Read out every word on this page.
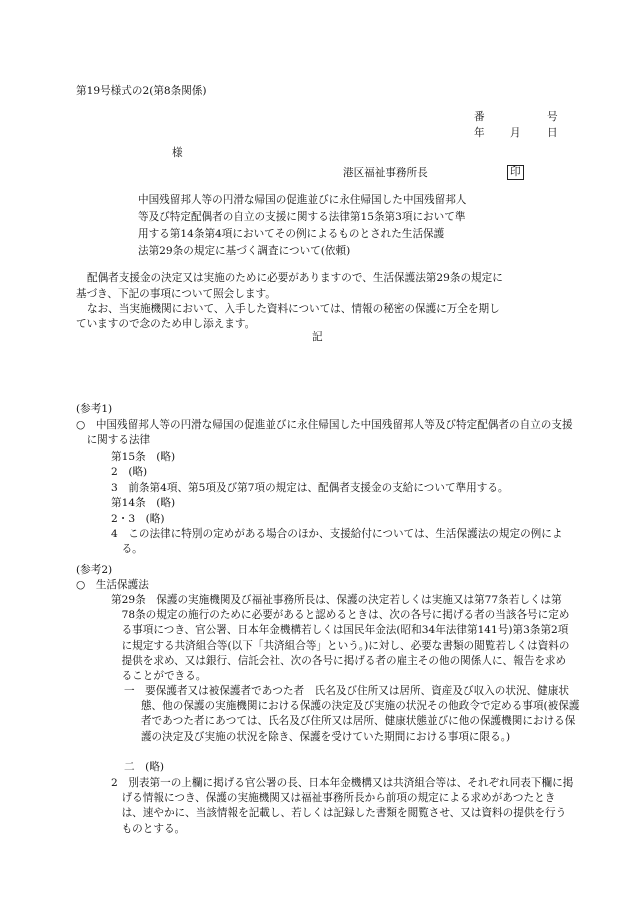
第19号様式の2(第8条関係)
番	号
年 月 日
様
港区福祉事務所長	印
中国残留邦人等の円滑な帰国の促進並びに永住帰国した中国残留邦人
等及び特定配偶者の自立の支援に関する法律第15条第3項において準
用する第14条第4項においてその例によるものとされた生活保護
法第29条の規定に基づく調査について(依頼)
配偶者支援金の決定又は実施のために必要がありますので、生活保護法第29条の規定に
基づき、下記の事項について照会します。
なお、当実施機関において、入手した資料については、情報の秘密の保護に万全を期し
ていますので念のため申し添えます。
記
(参考1)
○　中国残留邦人等の円滑な帰国の促進並びに永住帰国した中国残留邦人等及び特定配偶者の自立の支援に関する法律
第15条　(略)
2　(略)
3　前条第4項、第5項及び第7項の規定は、配偶者支援金の支給について準用する。
第14条　(略)
2・3　(略)
4　この法律に特別の定めがある場合のほか、支援給付については、生活保護法の規定の例による。
(参考2)
○　生活保護法
第29条　保護の実施機関及び福祉事務所長は、保護の決定若しくは実施又は第77条若しくは第78条の規定の施行のために必要があると認めるときは、次の各号に掲げる者の当該各号に定める事項につき、官公署、日本年金機構若しくは国民年金法(昭和34年法律第141号)第3条第2項に規定する共済組合等(以下「共済組合等」という。)に対し、必要な書類の閲覧若しくは資料の提供を求め、又は銀行、信託会社、次の各号に掲げる者の雇主その他の関係人に、報告を求めることができる。
一　要保護者又は被保護者であつた者　氏名及び住所又は居所、資産及び収入の状況、健康状態、他の保護の実施機関における保護の決定及び実施の状況その他政令で定める事項(被保護者であつた者にあつては、氏名及び住所又は居所、健康状態並びに他の保護機関における保護の決定及び実施の状況を除き、保護を受けていた期間における事項に限る。)
二　(略)
2　別表第一の上欄に掲げる官公署の長、日本年金機構又は共済組合等は、それぞれ同表下欄に掲げる情報につき、保護の実施機関又は福祉事務所長から前項の規定による求めがあつたときは、速やかに、当該情報を記載し、若しくは記録した書類を閲覧させ、又は資料の提供を行うものとする。
